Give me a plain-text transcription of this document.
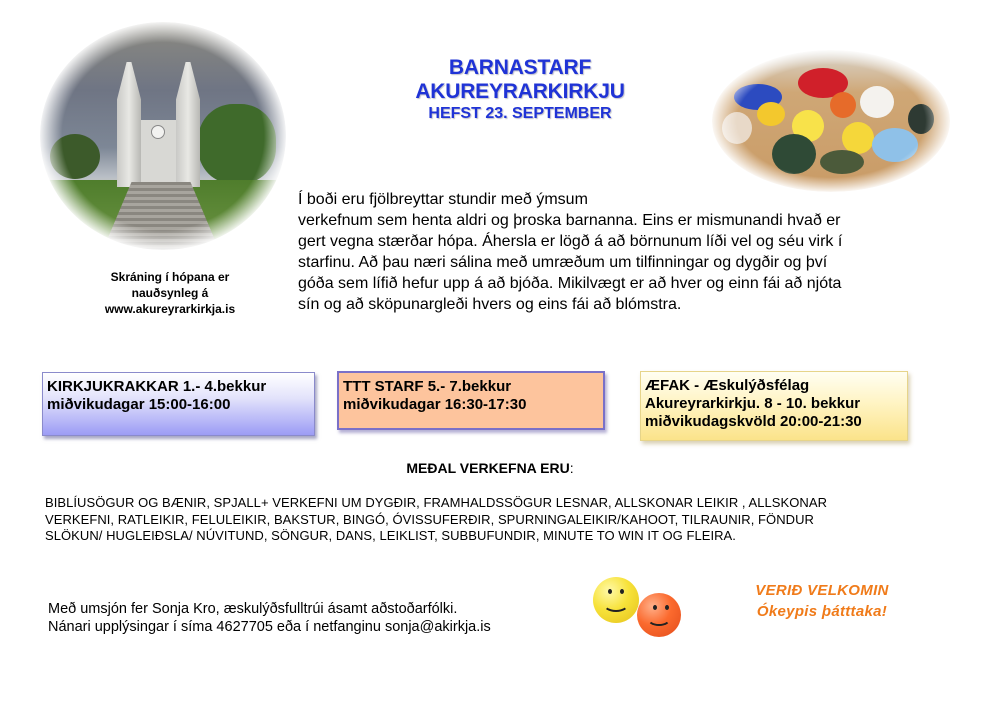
BARNASTARF
AKUREYRARKIRKJU
HEFST 23. SEPTEMBER
Skráning í hópana er
nauðsynleg á
www.akureyrarkirkja.is
Í boði eru fjölbreyttar stundir með ýmsum
verkefnum sem henta aldri og þroska barnanna. Eins er mismunandi hvað er
gert vegna stærðar hópa. Áhersla er lögð á að börnunum líði vel og séu virk í
starfinu. Að þau næri sálina með umræðum um tilfinningar og dygðir og því
góða sem lífið hefur upp á að bjóða. Mikilvægt er að hver og einn fái að njóta
sín og að sköpunargleði hvers og eins fái að blómstra.
KIRKJUKRAKKAR 1.- 4.bekkur
miðvikudagar 15:00-16:00
TTT STARF 5.- 7.bekkur
miðvikudagar 16:30-17:30
ÆFAK - Æskulýðsfélag
Akureyrarkirkju. 8 - 10. bekkur
miðvikudagskvöld 20:00-21:30
MEÐAL VERKEFNA ERU:
BIBLÍUSÖGUR OG BÆNIR, SPJALL+ VERKEFNI UM DYGÐIR, FRAMHALDSSÖGUR LESNAR, ALLSKONAR LEIKIR , ALLSKONAR
VERKEFNI, RATLEIKIR, FELULEIKIR, BAKSTUR, BINGÓ, ÓVISSUFERÐIR, SPURNINGALEIKIR/KAHOOT, TILRAUNIR, FÖNDUR
SLÖKUN/ HUGLEIÐSLA/ NÚVITUND, SÖNGUR, DANS, LEIKLIST, SUBBUFUNDIR, MINUTE TO WIN IT OG FLEIRA.
Með umsjón fer Sonja Kro, æskulýðsfulltrúi ásamt aðstoðarfólki.
Nánari upplýsingar í síma 4627705 eða í netfanginu sonja@akirkja.is
VERIÐ VELKOMIN
Ókeypis þátttaka!
